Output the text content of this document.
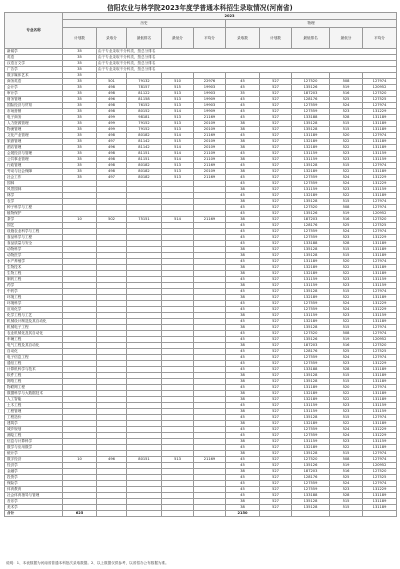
信阳农业与林学院2023年度学普通本科招生录取情况(河南省)
专业名称	2023									
	历史					物理				
	计划数	录取分	最低排名	最低分	平均分	录取数	计划数	最低排名	最低分	平均分
新闻学	35	由于专业录取不分科类，按总分排名								
英语	35	由于专业录取不分科类，按总分排名								
汉语言文学	35	由于专业录取不分科类，按总分排名								
广告学	35	由于专业录取不分科类，按总分排名								
数字媒体艺术	35									
商务英语	35	501	79132	510	22976	45	527	127520	508	127974
会计学	35	498	78157	515	19903	45	527	135126	519	120952
审计学	35	498	81122	513	19903	35	527	187203	516	127520
财务管理	35	496	81158	513	19909	45	527	128176	525	127525
国际经济与贸易	35	498	76152	513	19903	45	527	127559	524	127974
市场营销	35	498	80152	514	19909	45	527	127559	523	131229
电子商务	35	499	98181	513	21169	45	527	133188	528	131189
人力资源管理	35	499	79152	513	20109	38	527	135128	515	131189
物流管理	35	499	79152	513	20109	38	527	135128	515	131189
文化产业管理	35	498	80182	514	21169	45	527	131189	520	127974
旅游管理	35	497	81142	515	20109	38	527	132189	522	131189
酒店管理	35	496	81142	514	20109	38	527	132189	522	131189
会展经济与管理	35	498	81151	514	21109	45	527	131159	523	131159
公共事业管理	35	498	81151	514	21109	38	527	131159	523	131159
行政管理	35	498	80182	513	21169	45	527	135128	515	127974
劳动与社会保障	35	498	80182	513	20109	38	527	132189	522	131189
社会工作	35	497	80182	513	21169	45	527	127559	524	131229
园林						45	527	127559	524	131229
风景园林						38	527	131159	523	131159
林学						45	527	132189	522	131189
农学						38	527	135128	515	127974
种子科学与工程						45	527	127520	508	127974
植物保护						45	527	135126	519	120952
茶学	10	502	75151	514	21169	38	527	187203	516	127520
园艺						45	527	128176	525	127525
设施农业科学与工程						45	527	127559	524	127974
食品科学与工程						45	527	127559	523	131229
食品质量与安全						45	527	133188	528	131189
动物科学						38	527	135128	515	131189
动物医学						38	527	135128	515	131189
水产养殖学						45	527	131189	520	127974
生物技术						38	527	132189	522	131189
生物工程						38	527	132189	522	131189
制药工程						45	527	131159	523	131159
药学						38	527	131159	523	131159
中药学						45	527	135128	515	127974
环境工程						38	527	132189	522	131189
环境科学						45	527	127559	524	131229
应用化学						45	527	127559	524	131229
化学工程与工艺						38	527	131159	523	131159
机械设计制造及其自动化						45	527	132189	522	131189
机械电子工程						38	527	135128	515	127974
农业机械化及其自动化						45	527	127520	508	127974
车辆工程						45	527	135126	519	120952
电气工程及其自动化						38	527	187203	516	127520
自动化						45	527	128176	525	127525
电子信息工程						45	527	127559	524	127974
通信工程						45	527	127559	523	131229
计算机科学与技术						45	527	133188	528	131189
软件工程						38	527	135128	515	131189
网络工程						38	527	135128	515	131189
物联网工程						45	527	131189	520	127974
数据科学与大数据技术						38	527	132189	522	131189
人工智能						38	527	132189	522	131189
土木工程						45	527	131159	523	131159
工程管理						38	527	131159	523	131159
工程造价						45	527	135128	515	127974
建筑学						38	527	132189	522	131189
城乡规划						45	527	127559	524	131229
测绘工程						45	527	127559	524	131229
信息与计算科学						38	527	131159	523	131159
数学与应用数学						45	527	132189	522	131189
统计学						38	527	135128	515	127974
数字经济	10	496	80151	513	21169	45	527	127520	508	127974
经济学						45	527	135126	519	120952
金融学						38	527	187203	516	127520
投资学						45	527	128176	525	127525
保险学						45	527	127559	524	127974
体育教育						45	527	127559	523	131229
社会体育指导与管理						45	527	133188	528	131189
音乐学						38	527	135128	515	131189
美术学						38	527	135128	515	131189
合计	625					2150				
说明：1、本表数据为河南省普通本科批次录取数据。2、以上数据仅供参考，以省招办公布数据为准。
